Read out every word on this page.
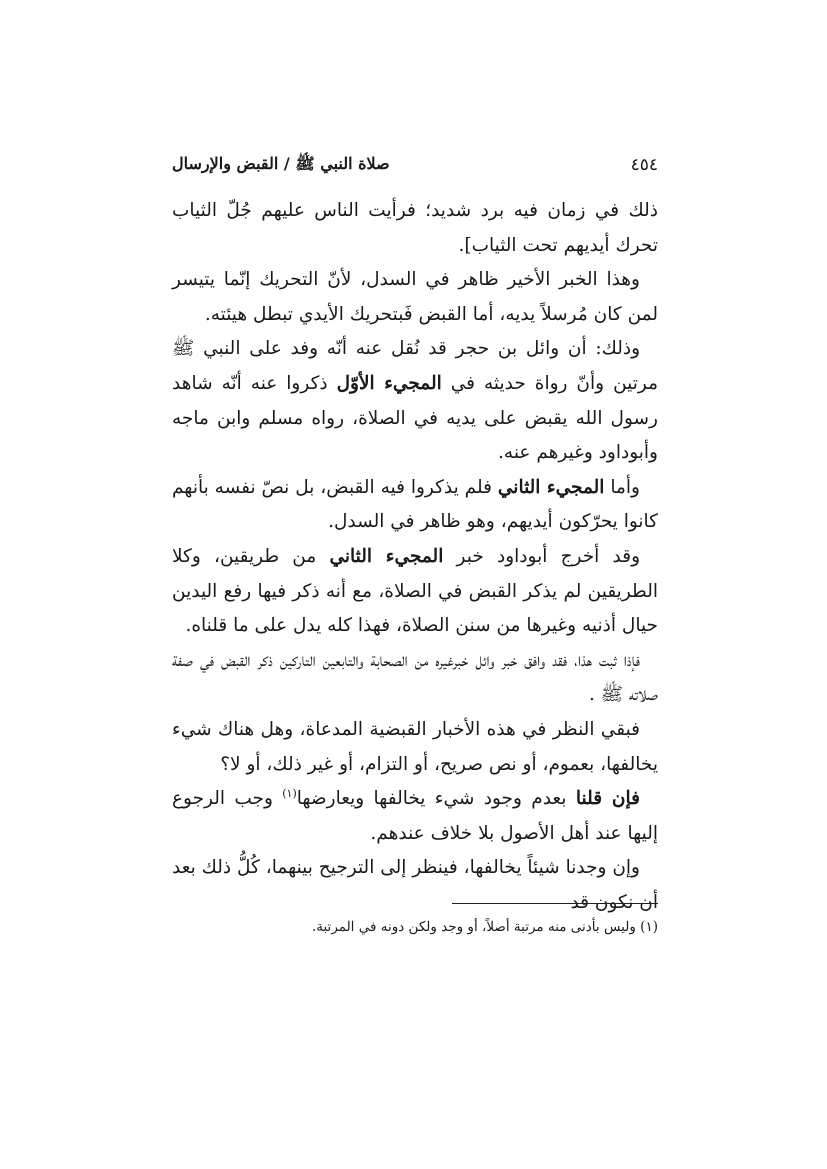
٤٥٤
صلاة النبي ﷺ / القبض والإرسال

ذلك في زمان فيه برد شديد؛ فرأيت الناس عليهم جُلّ الثياب تحرك أيديهم تحت الثياب].

وهذا الخبر الأخير ظاهر في السدل، لأنّ التحريك إنّما يتيسر لمن كان مُرسلاً يديه، أما القبض فَبتحريك الأيدي تبطل هيئته.

وذلك: أن وائل بن حجر قد نُقل عنه أنّه وفد على النبي ﷺ مرتين وأنّ رواة حديثه في المجيء الأوّل ذكروا عنه أنّه شاهد رسول الله يقبض على يديه في الصلاة، رواه مسلم وابن ماجه وأبوداود وغيرهم عنه.

وأما المجيء الثاني فلم يذكروا فيه القبض، بل نصّ نفسه بأنهم كانوا يحرّكون أيديهم، وهو ظاهر في السدل.

وقد أخرج أبوداود خبر المجيء الثاني من طريقين، وكلا الطريقين لم يذكر القبض في الصلاة، مع أنه ذكر فيها رفع اليدين حيال أذنيه وغيرها من سنن الصلاة، فهذا كله يدل على ما قلناه.

فإذا ثبت هذا، فقد وافق خبر وائل خبرغيره من الصحابة والتابعين التاركين ذكر القبض في صفة صلاته ﷺ .

فبقي النظر في هذه الأخبار القبضية المدعاة، وهل هناك شيء يخالفها، بعموم، أو نص صريح، أو التزام، أو غير ذلك، أو لا؟

فإن قلنا بعدم وجود شيء يخالفها ويعارضها$^{(١)}$ وجب الرجوع إليها عند أهل الأصول بلا خلاف عندهم.

وإن وجدنا شيئاً يخالفها، فينظر إلى الترجيح بينهما، كُلُّ ذلك بعد أن نكون قد

(١) وليس بأدنى منه مرتبة أصلاً، أو وجد ولكن دونه في المرتبة.
